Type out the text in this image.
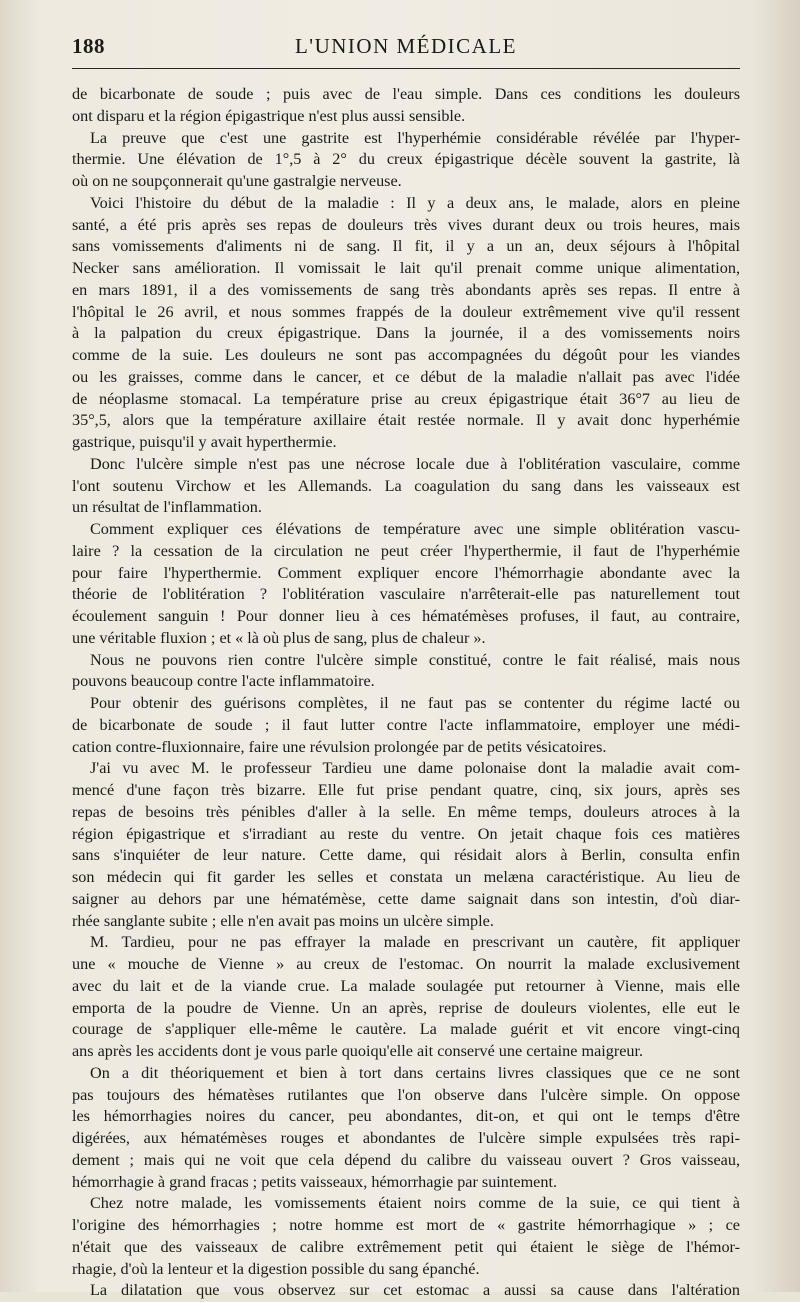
188	L'UNION MÉDICALE
de bicarbonate de soude ; puis avec de l'eau simple. Dans ces conditions les douleurs
ont disparu et la région épigastrique n'est plus aussi sensible.
La preuve que c'est une gastrite est l'hyperhémie considérable révélée par l'hyper-
thermie. Une élévation de 1°,5 à 2° du creux épigastrique décèle souvent la gastrite, là
où on ne soupçonnerait qu'une gastralgie nerveuse.
Voici l'histoire du début de la maladie : Il y a deux ans, le malade, alors en pleine
santé, a été pris après ses repas de douleurs très vives durant deux ou trois heures, mais
sans vomissements d'aliments ni de sang. Il fit, il y a un an, deux séjours à l'hôpital
Necker sans amélioration. Il vomissait le lait qu'il prenait comme unique alimentation,
en mars 1891, il a des vomissements de sang très abondants après ses repas. Il entre à
l'hôpital le 26 avril, et nous sommes frappés de la douleur extrêmement vive qu'il ressent
à la palpation du creux épigastrique. Dans la journée, il a des vomissements noirs
comme de la suie. Les douleurs ne sont pas accompagnées du dégoût pour les viandes
ou les graisses, comme dans le cancer, et ce début de la maladie n'allait pas avec l'idée
de néoplasme stomacal. La température prise au creux épigastrique était 36°7 au lieu de
35°,5, alors que la température axillaire était restée normale. Il y avait donc hyperhémie
gastrique, puisqu'il y avait hyperthermie.
Donc l'ulcère simple n'est pas une nécrose locale due à l'oblitération vasculaire, comme
l'ont soutenu Virchow et les Allemands. La coagulation du sang dans les vaisseaux est
un résultat de l'inflammation.
Comment expliquer ces élévations de température avec une simple oblitération vascu-
laire ? la cessation de la circulation ne peut créer l'hyperthermie, il faut de l'hyperhémie
pour faire l'hyperthermie. Comment expliquer encore l'hémorrhagie abondante avec la
théorie de l'oblitération ? l'oblitération vasculaire n'arrêterait-elle pas naturellement tout
écoulement sanguin ! Pour donner lieu à ces hématémèses profuses, il faut, au contraire,
une véritable fluxion ; et « là où plus de sang, plus de chaleur ».
Nous ne pouvons rien contre l'ulcère simple constitué, contre le fait réalisé, mais nous
pouvons beaucoup contre l'acte inflammatoire.
Pour obtenir des guérisons complètes, il ne faut pas se contenter du régime lacté ou
de bicarbonate de soude ; il faut lutter contre l'acte inflammatoire, employer une médi-
cation contre-fluxionnaire, faire une révulsion prolongée par de petits vésicatoires.
J'ai vu avec M. le professeur Tardieu une dame polonaise dont la maladie avait com-
mencé d'une façon très bizarre. Elle fut prise pendant quatre, cinq, six jours, après ses
repas de besoins très pénibles d'aller à la selle. En même temps, douleurs atroces à la
région épigastrique et s'irradiant au reste du ventre. On jetait chaque fois ces matières
sans s'inquiéter de leur nature. Cette dame, qui résidait alors à Berlin, consulta enfin
son médecin qui fit garder les selles et constata un melæna caractéristique. Au lieu de
saigner au dehors par une hématémèse, cette dame saignait dans son intestin, d'où diar-
rhée sanglante subite ; elle n'en avait pas moins un ulcère simple.
M. Tardieu, pour ne pas effrayer la malade en prescrivant un cautère, fit appliquer
une « mouche de Vienne » au creux de l'estomac. On nourrit la malade exclusivement
avec du lait et de la viande crue. La malade soulagée put retourner à Vienne, mais elle
emporta de la poudre de Vienne. Un an après, reprise de douleurs violentes, elle eut le
courage de s'appliquer elle-même le cautère. La malade guérit et vit encore vingt-cinq
ans après les accidents dont je vous parle quoiqu'elle ait conservé une certaine maigreur.
On a dit théoriquement et bien à tort dans certains livres classiques que ce ne sont
pas toujours des hématèses rutilantes que l'on observe dans l'ulcère simple. On oppose
les hémorrhagies noires du cancer, peu abondantes, dit-on, et qui ont le temps d'être
digérées, aux hématémèses rouges et abondantes de l'ulcère simple expulsées très rapi-
dement ; mais qui ne voit que cela dépend du calibre du vaisseau ouvert ? Gros vaisseau,
hémorrhagie à grand fracas ; petits vaisseaux, hémorrhagie par suintement.
Chez notre malade, les vomissements étaient noirs comme de la suie, ce qui tient à
l'origine des hémorrhagies ; notre homme est mort de « gastrite hémorrhagique » ; ce
n'était que des vaisseaux de calibre extrêmement petit qui étaient le siège de l'hémor-
rhagie, d'où la lenteur et la digestion possible du sang épanché.
La dilatation que vous observez sur cet estomac a aussi sa cause dans l'altération
